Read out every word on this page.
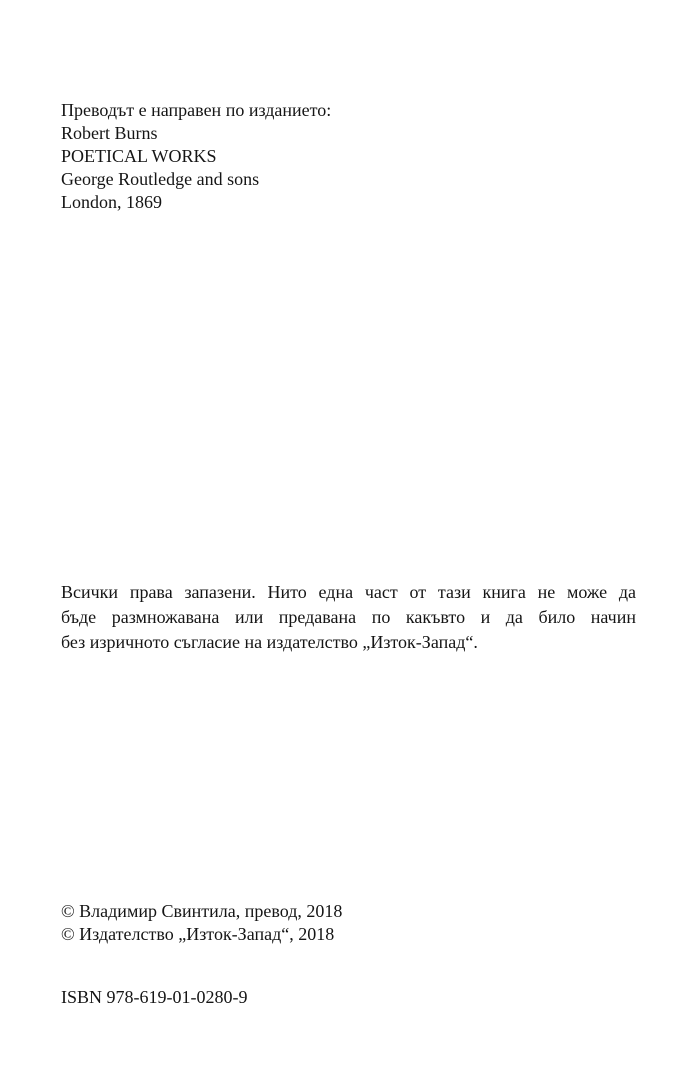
Преводът е направен по изданието:
Robert Burns
POETICAL WORKS
George Routledge and sons
London, 1869
Всички права запазени. Нито една част от тази книга не може да
бъде размножавана или предавана по какъвто и да било начин
без изричното съгласие на издателство „Изток-Запад“.
© Владимир Свинтила, превод, 2018
© Издателство „Изток-Запад“, 2018
ISBN 978-619-01-0280-9
